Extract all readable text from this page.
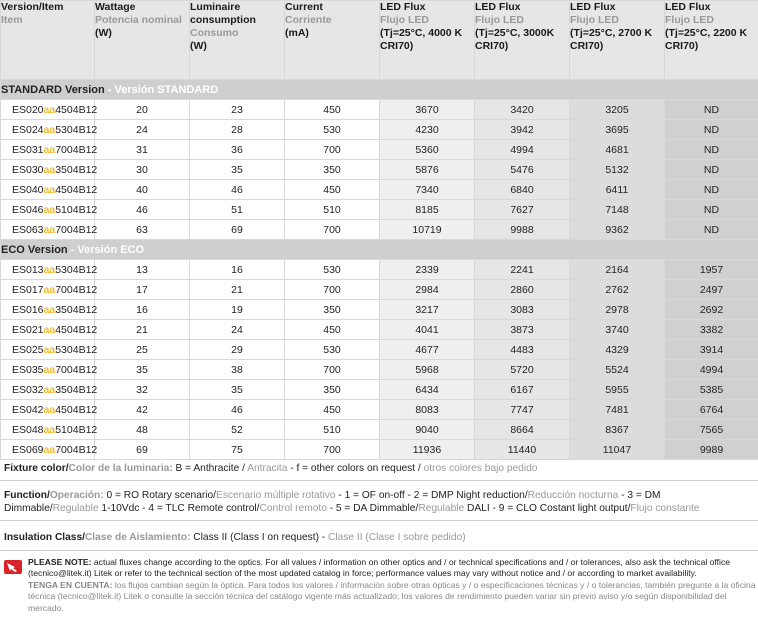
Version/Item
Item	Wattage
Potencia nominal
(W)	Luminaire consumption
Consumo
(W)	Current
Corriente
(mA)	LED Flux
Flujo LED
(Tj=25°C, 4000 K CRI70)	LED Flux
Flujo LED
(Tj=25°C, 3000K CRI70)	LED Flux
Flujo LED
(Tj=25°C, 2700 K CRI70)	LED Flux
Flujo LED
(Tj=25°C, 2200 K CRI70)

STANDARD Version - Versión STANDARD							
ES020aa4504B12	20	23	450	3670	3420	3205	ND
ES024aa5304B12	24	28	530	4230	3942	3695	ND
ES031aa7004B12	31	36	700	5360	4994	4681	ND
ES030aa3504B12	30	35	350	5876	5476	5132	ND
ES040aa4504B12	40	46	450	7340	6840	6411	ND
ES046aa5104B12	46	51	510	8185	7627	7148	ND
ES063aa7004B12	63	69	700	10719	9988	9362	ND
ECO Version - Versión ECO							
ES013aa5304B12	13	16	530	2339	2241	2164	1957
ES017aa7004B12	17	21	700	2984	2860	2762	2497
ES016aa3504B12	16	19	350	3217	3083	2978	2692
ES021aa4504B12	21	24	450	4041	3873	3740	3382
ES025aa5304B12	25	29	530	4677	4483	4329	3914
ES035aa7004B12	35	38	700	5968	5720	5524	4994
ES032aa3504B12	32	35	350	6434	6167	5955	5385
ES042aa4504B12	42	46	450	8083	7747	7481	6764
ES048aa5104B12	48	52	510	9040	8664	8367	7565
ES069aa7004B12	69	75	700	11936	11440	11047	9989
Fixture color/Color de la luminaria: B = Anthracite / Antracita - f = other colors on request / otros colores bajo pedido
Function/Operación: 0 = RO Rotary scenario/Escenario múltiple rotativo - 1 = OF on-off - 2 = DMP Night reduction/Reducción nocturna - 3 = DM Dimmable/Regulable 1-10Vdc - 4 = TLC Remote control/Control remoto - 5 = DA Dimmable/Regulable DALI - 9 = CLO Costant light output/Flujo constante
Insulation Class/Clase de Aislamiento: Class II (Class I on request) - Clase II (Clase I sobre pedido)
PLEASE NOTE: actual fluxes change according to the optics. For all values / information on other optics and / or technical specifications and / or tolerances, also ask the technical office (tecnico@litek.it) Litek or refer to the technical section of the most updated catalog in force; performance values may vary without notice and / or according to market availability.
TENGA EN CUENTA: los flujos cambian según la óptica. Para todos los valores / información sobre otras ópticas y / o especificaciones técnicas y / o tolerancias, también pregunte a la oficina técnica (tecnico@litek.it) Litek o consulte la sección técnica del catálogo vigente más actualizado; los valores de rendimiento pueden variar sin previo aviso y/o según disponibilidad del mercado.
